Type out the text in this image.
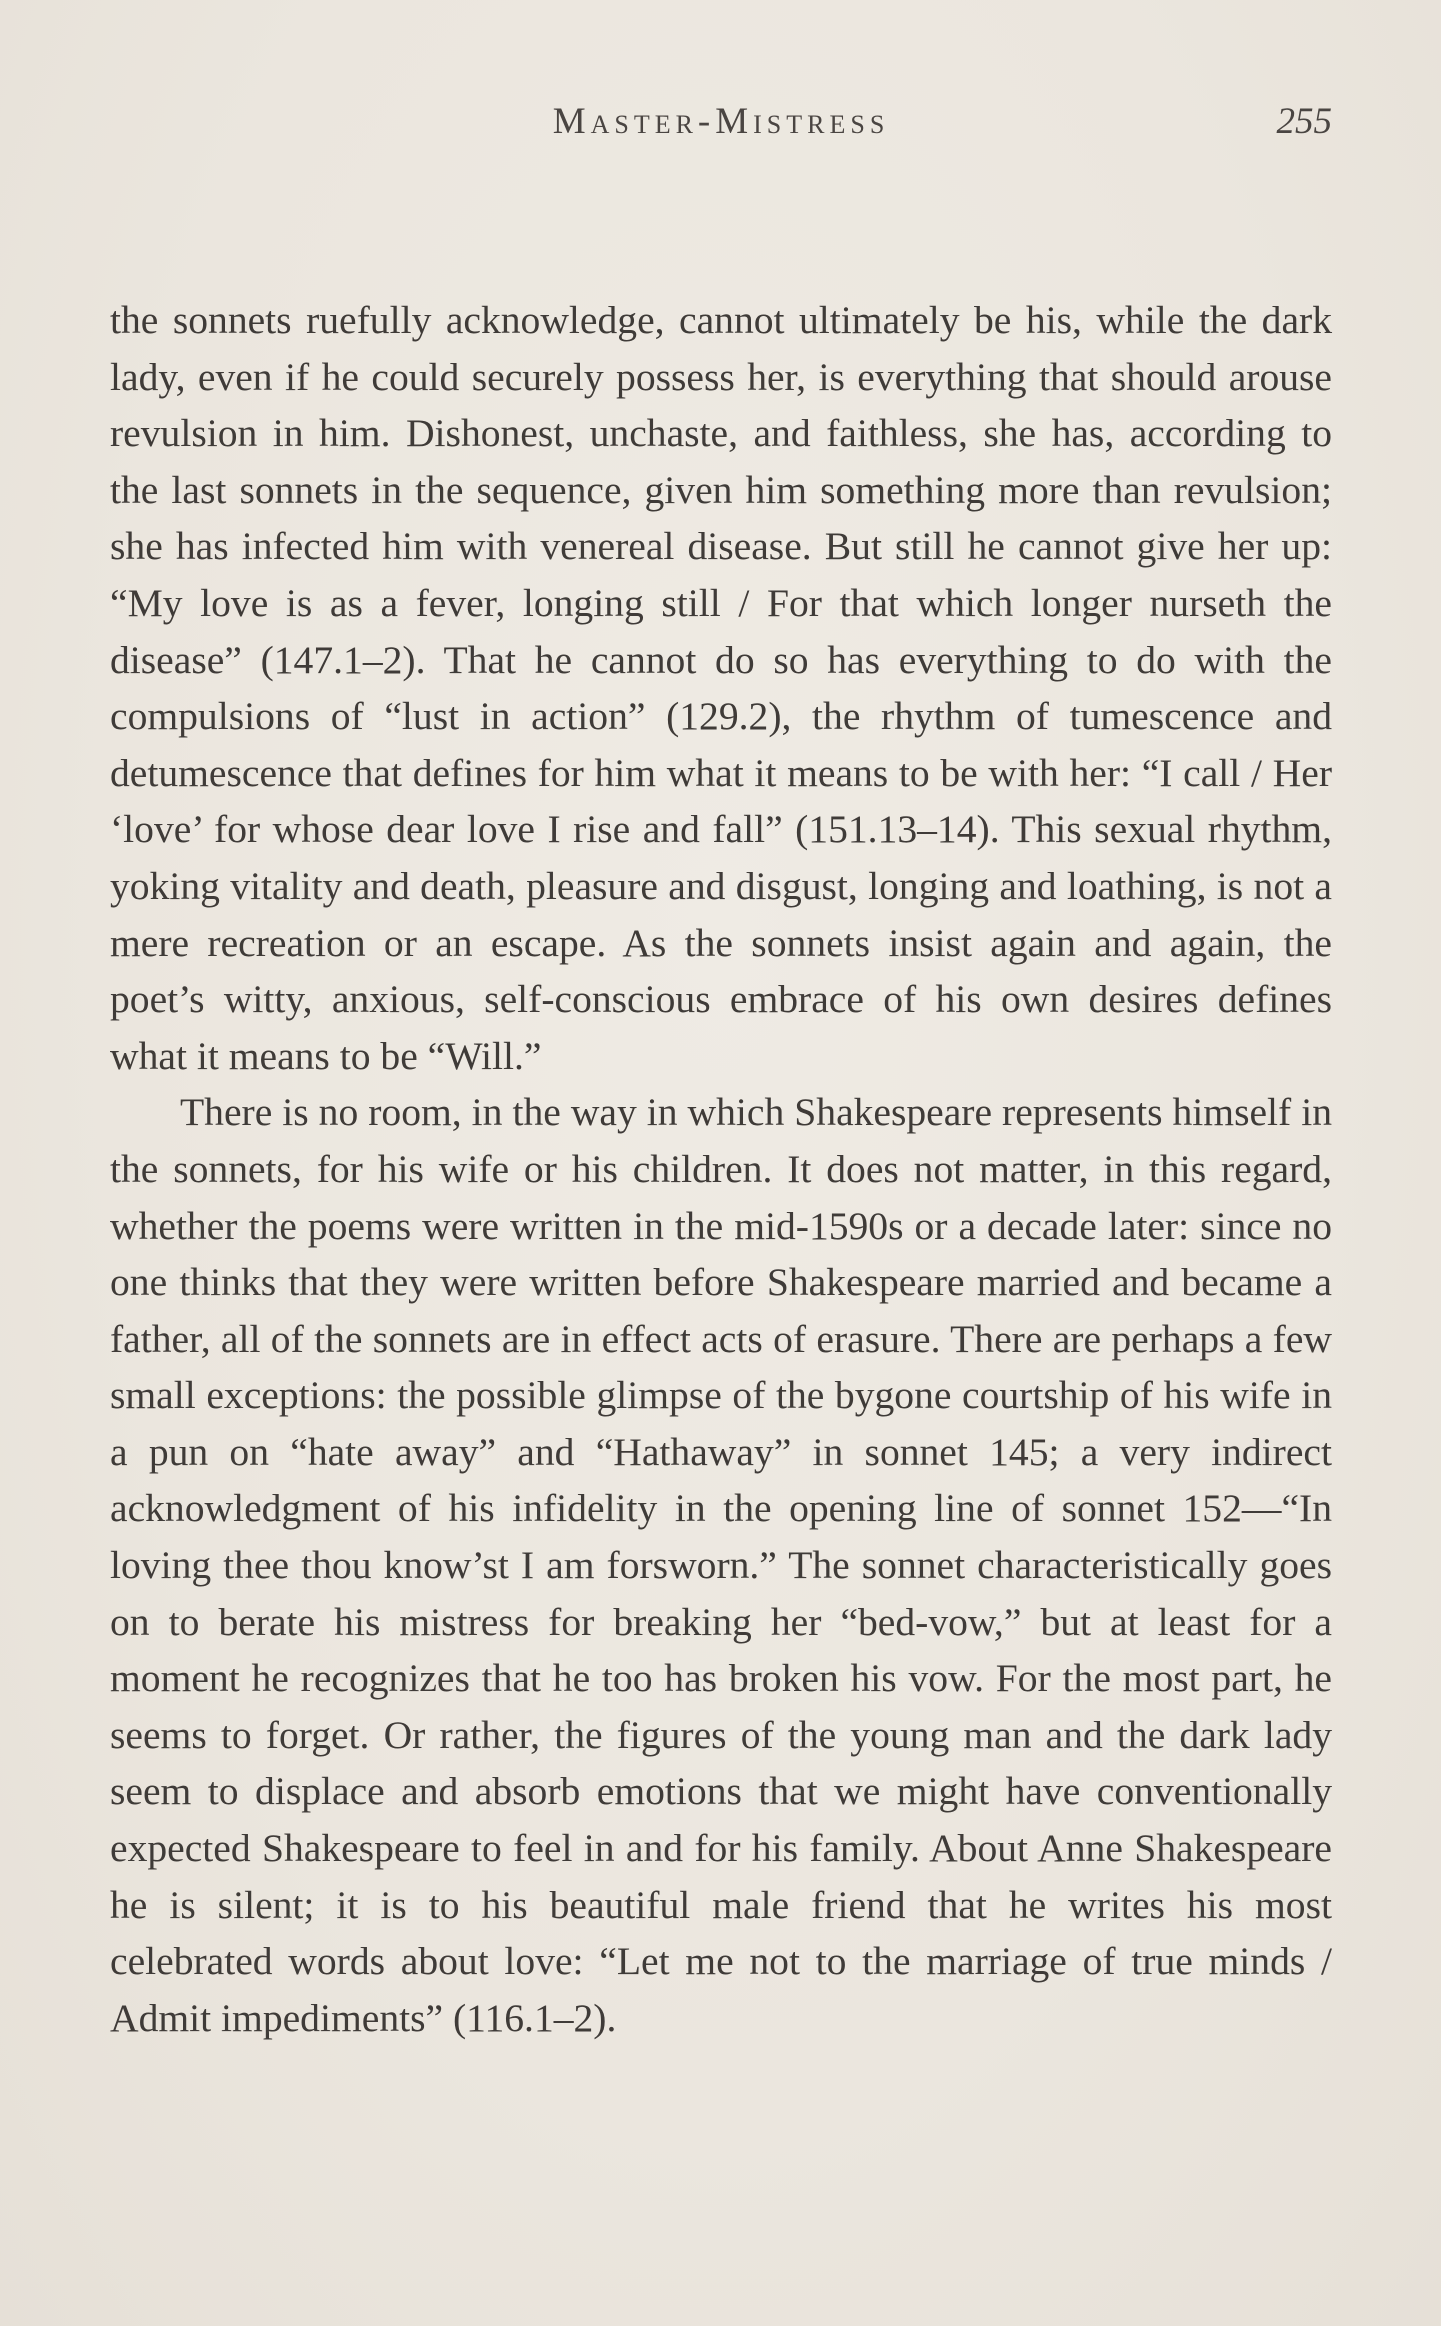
Master-Mistress	255

the sonnets ruefully acknowledge, cannot ultimately be his, while the dark lady, even if he could securely possess her, is everything that should arouse revulsion in him. Dishonest, unchaste, and faithless, she has, according to the last sonnets in the sequence, given him something more than revulsion; she has infected him with venereal disease. But still he cannot give her up: “My love is as a fever, longing still / For that which longer nurseth the disease” (147.1–2). That he cannot do so has everything to do with the compulsions of “lust in action” (129.2), the rhythm of tumescence and detumescence that defines for him what it means to be with her: “I call / Her ‘love’ for whose dear love I rise and fall” (151.13–14). This sexual rhythm, yoking vitality and death, pleasure and disgust, longing and loathing, is not a mere recreation or an escape. As the sonnets insist again and again, the poet’s witty, anxious, self-conscious embrace of his own desires defines what it means to be “Will.”

There is no room, in the way in which Shakespeare represents himself in the sonnets, for his wife or his children. It does not matter, in this regard, whether the poems were written in the mid-1590s or a decade later: since no one thinks that they were written before Shakespeare married and became a father, all of the sonnets are in effect acts of erasure. There are perhaps a few small exceptions: the possible glimpse of the bygone courtship of his wife in a pun on “hate away” and “Hathaway” in sonnet 145; a very indirect acknowledgment of his infidelity in the opening line of sonnet 152—“In loving thee thou know’st I am forsworn.” The sonnet characteristically goes on to berate his mistress for breaking her “bed-vow,” but at least for a moment he recognizes that he too has broken his vow. For the most part, he seems to forget. Or rather, the figures of the young man and the dark lady seem to displace and absorb emotions that we might have conventionally expected Shakespeare to feel in and for his family. About Anne Shakespeare he is silent; it is to his beautiful male friend that he writes his most celebrated words about love: “Let me not to the marriage of true minds / Admit impediments” (116.1–2).
